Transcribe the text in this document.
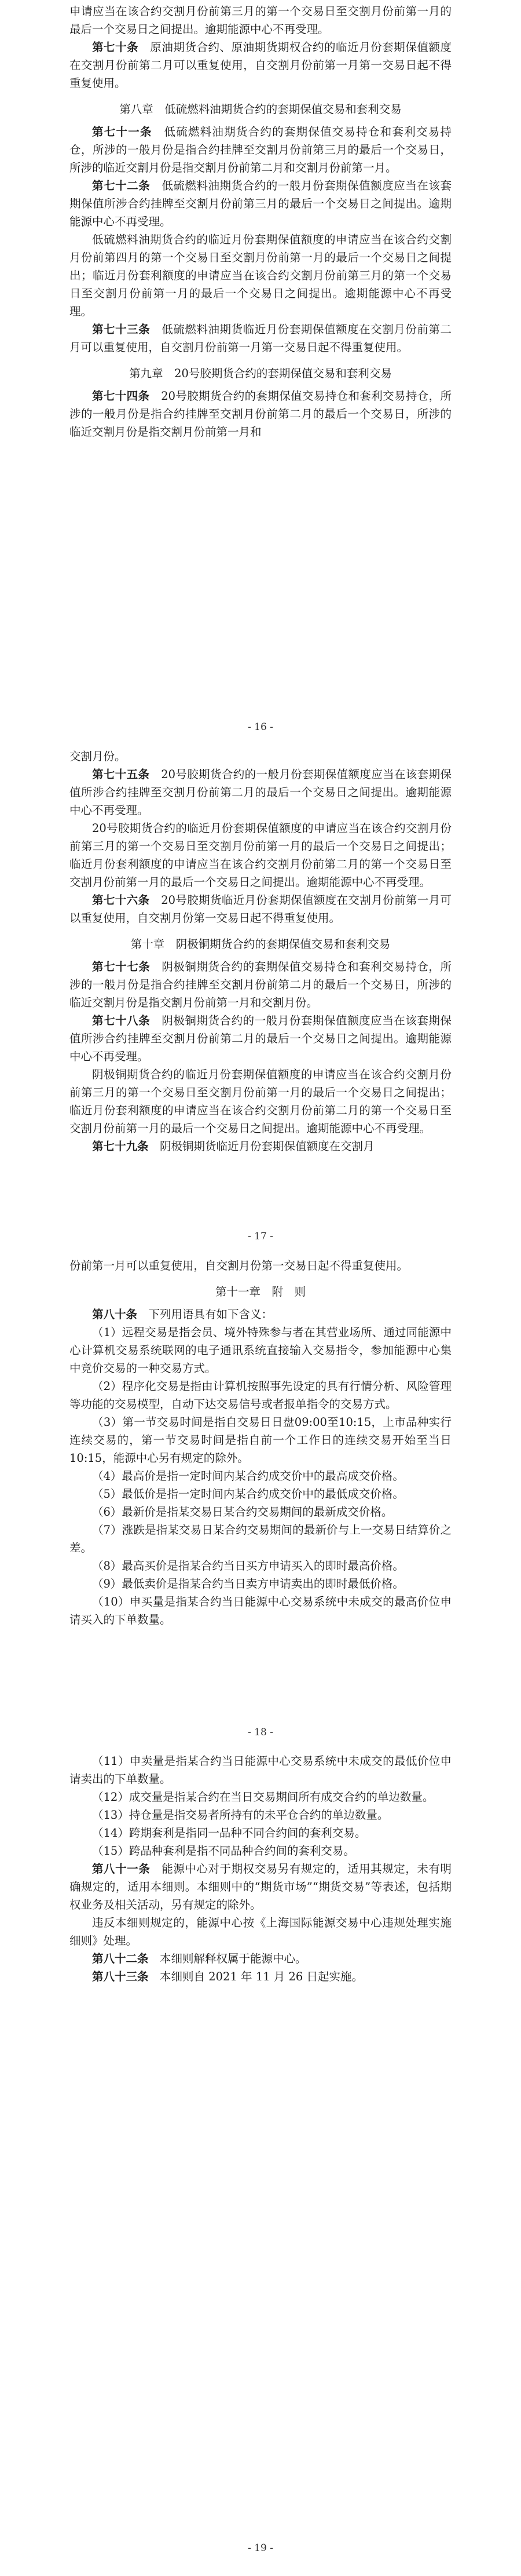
申请应当在该合约交割月份前第三月的第一个交易日至交割月份前第一月的最后一个交易日之间提出。逾期能源中心不再受理。

第七十条　 原油期货合约、原油期货期权合约的临近月份套期保值额度在交割月份前第二月可以重复使用，自交割月份前第一月第一交易日起不得重复使用。

第八章　低硫燃料油期货合约的套期保值交易和套利交易

第七十一条　 低硫燃料油期货合约的套期保值交易持仓和套利交易持仓，所涉的一般月份是指合约挂牌至交割月份前第三月的最后一个交易日，所涉的临近交割月份是指交割月份前第二月和交割月份前第一月。

第七十二条　 低硫燃料油期货合约的一般月份套期保值额度应当在该套期保值所涉合约挂牌至交割月份前第三月的最后一个交易日之间提出。逾期能源中心不再受理。

低硫燃料油期货合约的临近月份套期保值额度的申请应当在该合约交割月份前第四月的第一个交易日至交割月份前第一月的最后一个交易日之间提出；临近月份套利额度的申请应当在该合约交割月份前第三月的第一个交易日至交割月份前第一月的最后一个交易日之间提出。逾期能源中心不再受理。

第七十三条　 低硫燃料油期货临近月份套期保值额度在交割月份前第二月可以重复使用，自交割月份前第一月第一交易日起不得重复使用。

第九章　20号胶期货合约的套期保值交易和套利交易

第七十四条　 20号胶期货合约的套期保值交易持仓和套利交易持仓，所涉的一般月份是指合约挂牌至交割月份前第二月的最后一个交易日，所涉的临近交割月份是指交割月份前第一月和

交割月份。

第七十五条　 20号胶期货合约的一般月份套期保值额度应当在该套期保值所涉合约挂牌至交割月份前第二月的最后一个交易日之间提出。逾期能源中心不再受理。

20号胶期货合约的临近月份套期保值额度的申请应当在该合约交割月份前第三月的第一个交易日至交割月份前第一月的最后一个交易日之间提出；临近月份套利额度的申请应当在该合约交割月份前第二月的第一个交易日至交割月份前第一月的最后一个交易日之间提出。逾期能源中心不再受理。

第七十六条　 20号胶期货临近月份套期保值额度在交割月份前第一月可以重复使用，自交割月份第一交易日起不得重复使用。

第十章　阴极铜期货合约的套期保值交易和套利交易

第七十七条　 阴极铜期货合约的套期保值交易持仓和套利交易持仓，所涉的一般月份是指合约挂牌至交割月份前第二月的最后一个交易日，所涉的临近交割月份是指交割月份前第一月和交割月份。

第七十八条　 阴极铜期货合约的一般月份套期保值额度应当在该套期保值所涉合约挂牌至交割月份前第二月的最后一个交易日之间提出。逾期能源中心不再受理。

阴极铜期货合约的临近月份套期保值额度的申请应当在该合约交割月份前第三月的第一个交易日至交割月份前第一月的最后一个交易日之间提出；临近月份套利额度的申请应当在该合约交割月份前第二月的第一个交易日至交割月份前第一月的最后一个交易日之间提出。逾期能源中心不再受理。

第七十九条　 阴极铜期货临近月份套期保值额度在交割月

- 16 -

份前第一月可以重复使用，自交割月份第一交易日起不得重复使用。

第十一章　附　则

第八十条　 下列用语具有如下含义：

（1）远程交易是指会员、境外特殊参与者在其营业场所、通过同能源中心计算机交易系统联网的电子通讯系统直接输入交易指令，参加能源中心集中竞价交易的一种交易方式。

（2）程序化交易是指由计算机按照事先设定的具有行情分析、风险管理等功能的交易模型，自动下达交易信号或者报单指令的交易方式。

（3）第一节交易时间是指自交易日日盘09:00至10:15，上市品种实行连续交易的，第一节交易时间是指自前一个工作日的连续交易开始至当日10:15，能源中心另有规定的除外。

（4）最高价是指一定时间内某合约成交价中的最高成交价格。

（5）最低价是指一定时间内某合约成交价中的最低成交价格。

（6）最新价是指某交易日某合约交易期间的最新成交价格。

（7）涨跌是指某交易日某合约交易期间的最新价与上一交易日结算价之差。

（8）最高买价是指某合约当日买方申请买入的即时最高价格。

（9）最低卖价是指某合约当日卖方申请卖出的即时最低价格。

（10）申买量是指某合约当日能源中心交易系统中未成交的最高价位申请买入的下单数量。

- 17 -

（11）申卖量是指某合约当日能源中心交易系统中未成交的最低价位申请卖出的下单数量。

（12）成交量是指某合约在当日交易期间所有成交合约的单边数量。

（13）持仓量是指交易者所持有的未平仓合约的单边数量。

（14）跨期套利是指同一品种不同合约间的套利交易。

（15）跨品种套利是指不同品种合约间的套利交易。

第八十一条　 能源中心对于期权交易另有规定的，适用其规定，未有明确规定的，适用本细则。本细则中的“期货市场”“期货交易”等表述，包括期权业务及相关活动，另有规定的除外。

违反本细则规定的，能源中心按《上海国际能源交易中心违规处理实施细则》处理。

第八十二条　 本细则解释权属于能源中心。

第八十三条　 本细则自 2021 年 11 月 26 日起实施。

- 18 -
- 19 -
